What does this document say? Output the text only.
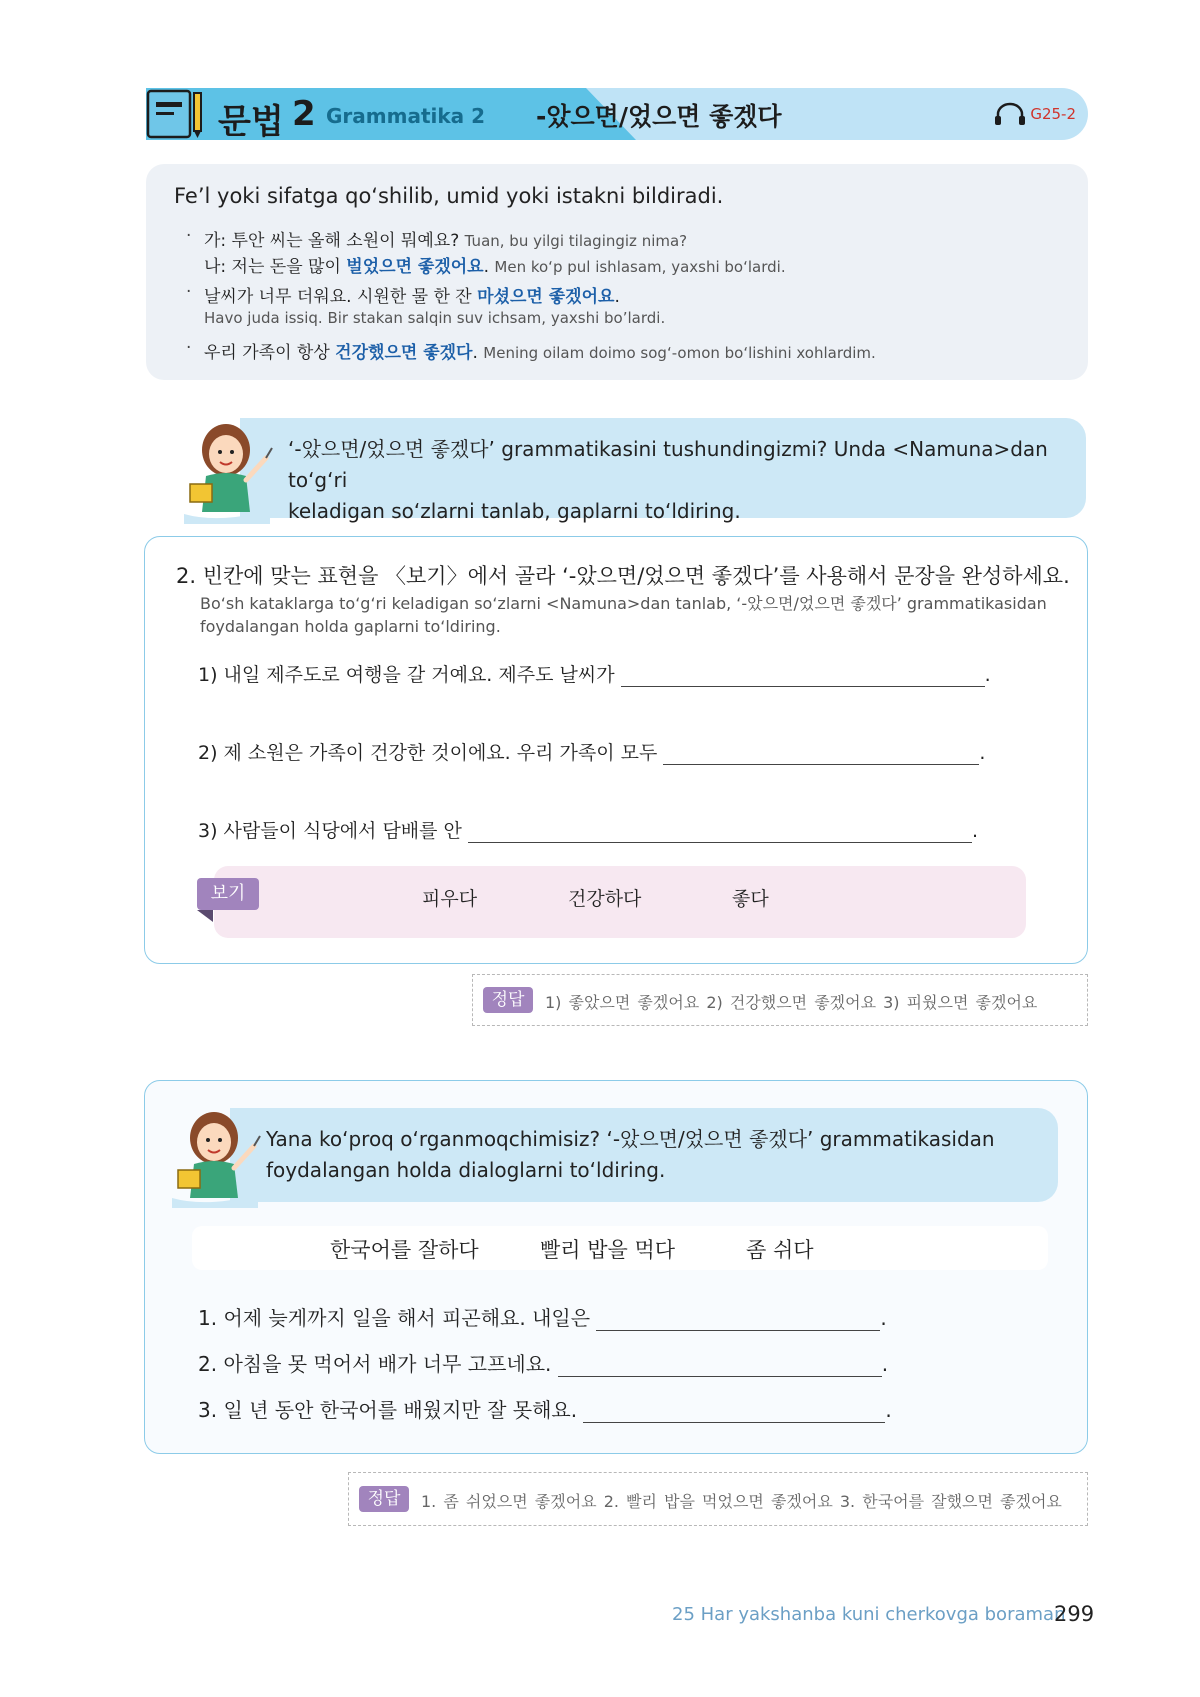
문법 2 Grammatika 2 -았으면/었으면 좋겠다	G25-2
Fe’l yoki sifatga qo‘shilib, umid yoki istakni bildiradi.
· 가: 투안 씨는 올해 소원이 뭐예요? Tuan, bu yilgi tilagingiz nima?
나: 저는 돈을 많이 벌었으면 좋겠어요. Men ko‘p pul ishlasam, yaxshi bo‘lardi.
· 날씨가 너무 더워요. 시원한 물 한 잔 마셨으면 좋겠어요.
Havo juda issiq. Bir stakan salqin suv ichsam, yaxshi bo’lardi.
· 우리 가족이 항상 건강했으면 좋겠다. Mening oilam doimo sog‘-omon bo‘lishini xohlardim.
‘-았으면/었으면 좋겠다’ grammatikasini tushundingizmi? Unda <Namuna>dan to‘g‘ri
keladigan so‘zlarni tanlab, gaplarni to‘ldiring.
2. 빈칸에 맞는 표현을 〈보기〉에서 골라 ‘-았으면/었으면 좋겠다’를 사용해서 문장을 완성하세요.
Bo‘sh kataklarga to‘g‘ri keladigan so‘zlarni <Namuna>dan tanlab, ‘-았으면/었으면 좋겠다’ grammatikasidan
foydalangan holda gaplarni to‘ldiring.
1) 내일 제주도로 여행을 갈 거예요. 제주도 날씨가	.
2) 제 소원은 가족이 건강한 것이에요. 우리 가족이 모두	.
3) 사람들이 식당에서 담배를 안	.
보기	피우다	건강하다	좋다
정답	1) 좋았으면 좋겠어요 2) 건강했으면 좋겠어요 3) 피웠으면 좋겠어요
Yana ko‘proq o‘rganmoqchimisiz? ‘-았으면/었으면 좋겠다’ grammatikasidan
foydalangan holda dialoglarni to‘ldiring.
한국어를 잘하다	빨리 밥을 먹다	좀 쉬다
1. 어제 늦게까지 일을 해서 피곤해요. 내일은	.
2. 아침을 못 먹어서 배가 너무 고프네요.	.
3. 일 년 동안 한국어를 배웠지만 잘 못해요.	.
정답	1. 좀 쉬었으면 좋겠어요 2. 빨리 밥을 먹었으면 좋겠어요 3. 한국어를 잘했으면 좋겠어요
25 Har yakshanba kuni cherkovga boraman
299
